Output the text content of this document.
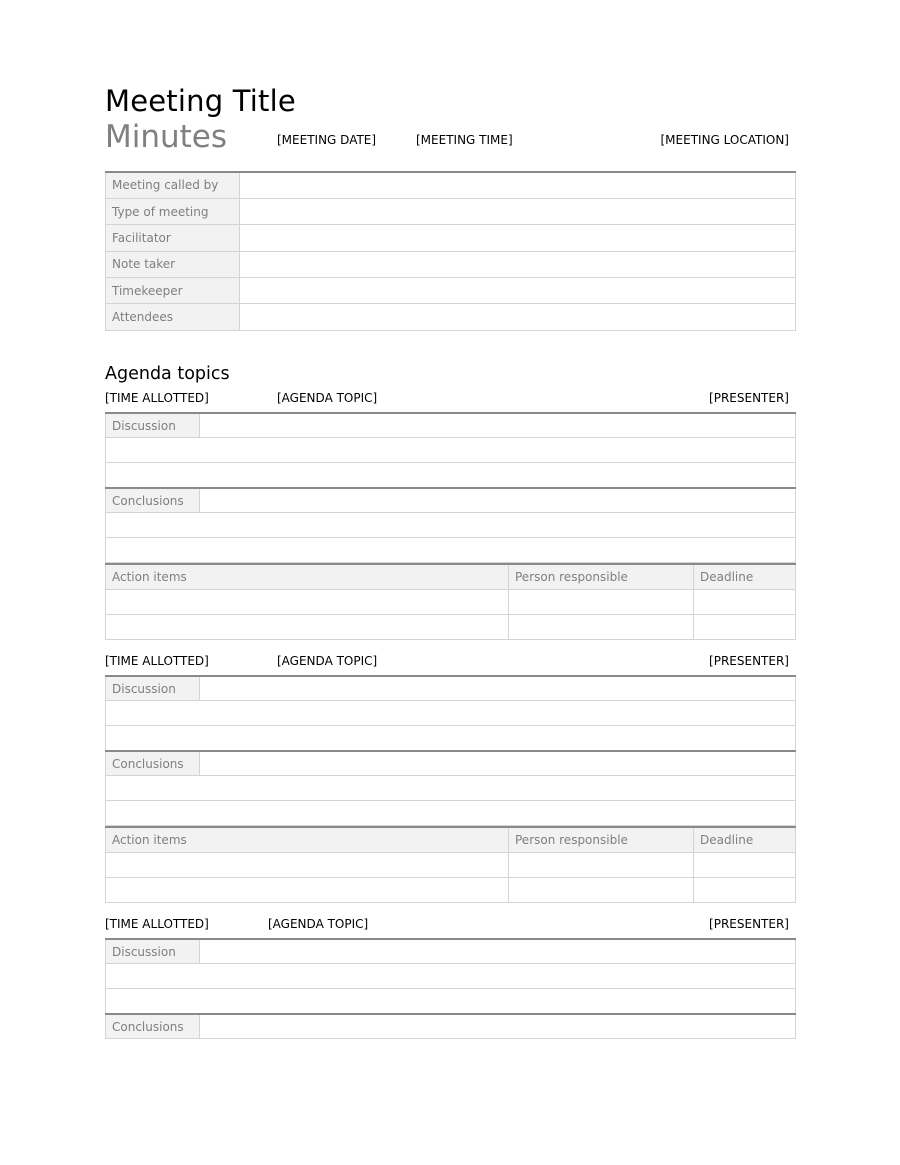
Meeting Title
Minutes	[MEETING DATE]	[MEETING TIME]	[MEETING LOCATION]
Meeting called by	
Type of meeting	
Facilitator	
Note taker	
Timekeeper	
Attendees	
Agenda topics
[TIME ALLOTTED]	[AGENDA TOPIC]	[PRESENTER]
Discussion	

Conclusions	

Action items	Person responsible	Deadline

[TIME ALLOTTED]	[AGENDA TOPIC]	[PRESENTER]
Discussion	

Conclusions	

Action items	Person responsible	Deadline

[TIME ALLOTTED]	[AGENDA TOPIC]	[PRESENTER]
Discussion	

Conclusions	
